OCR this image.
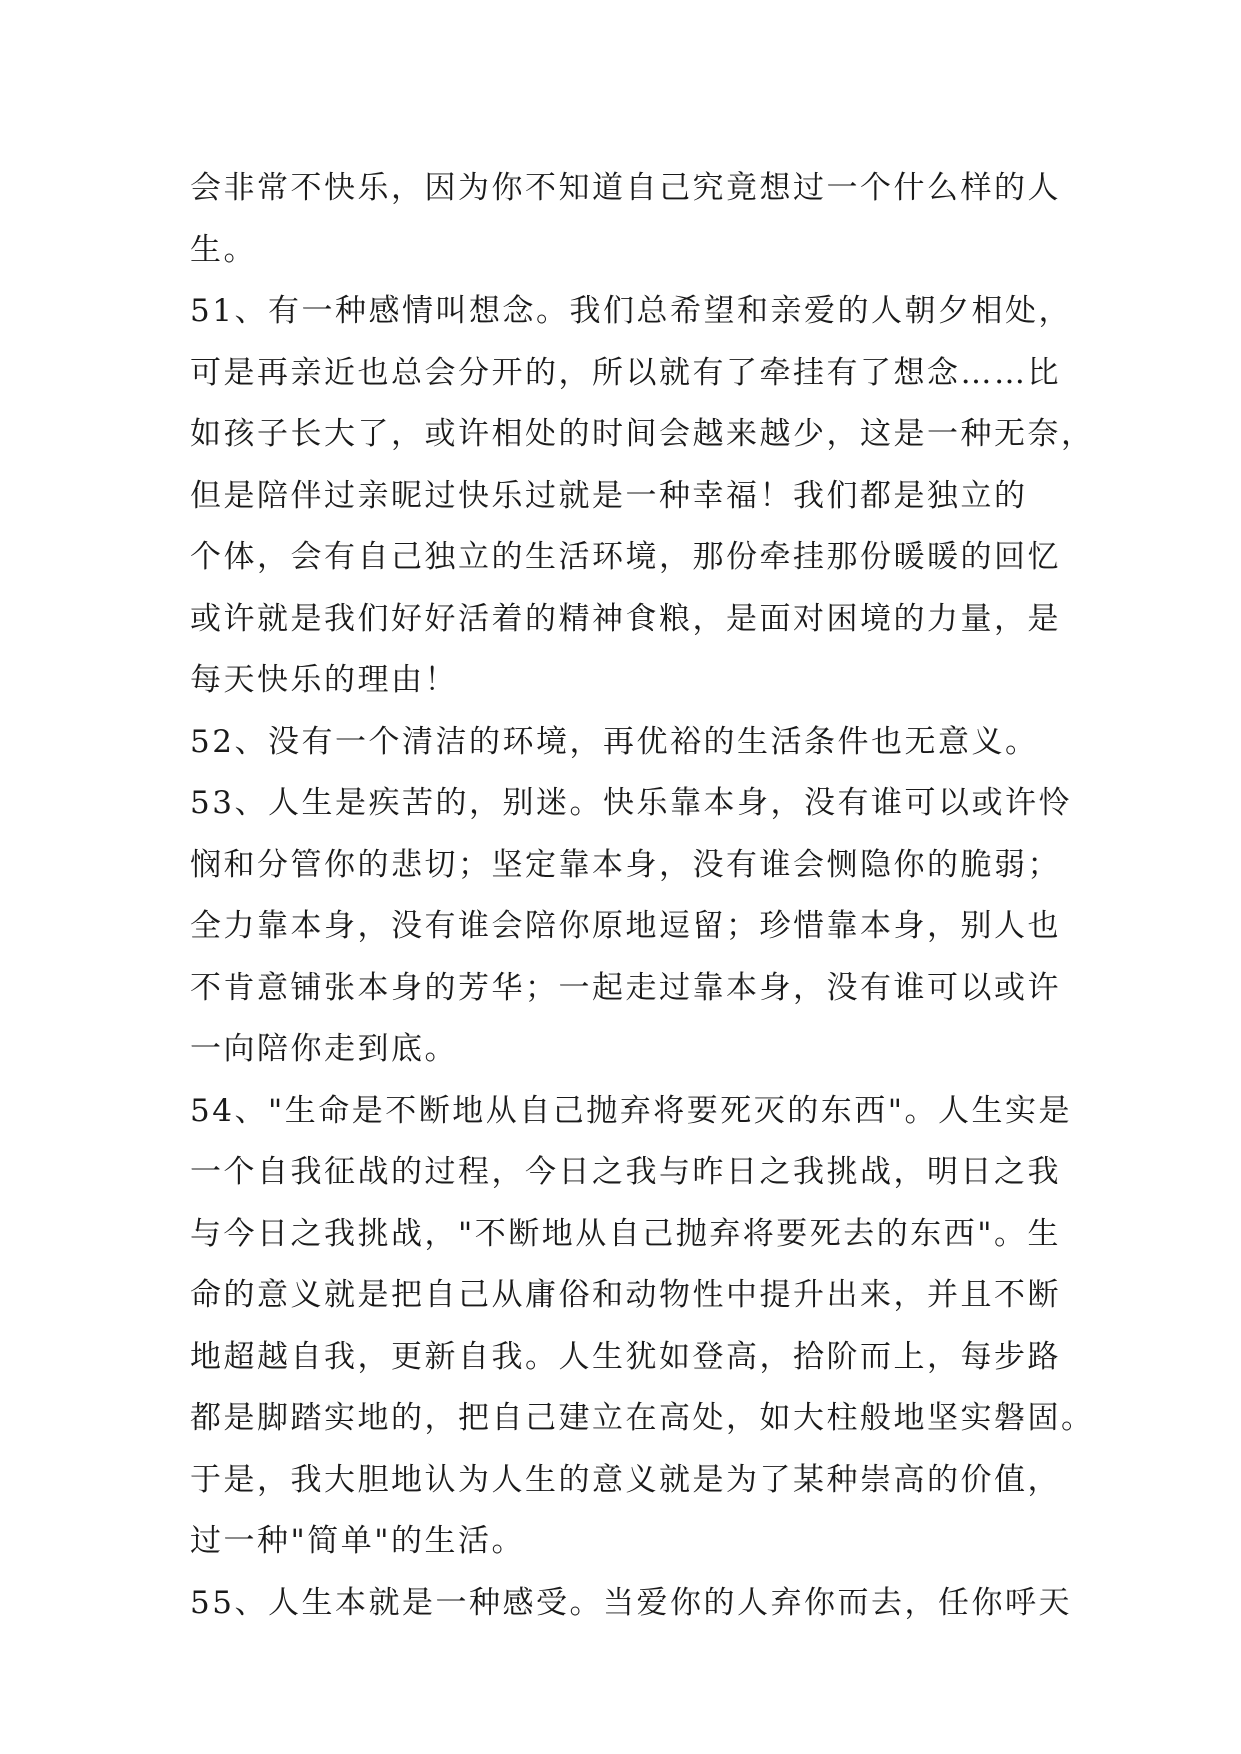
会非常不快乐，因为你不知道自己究竟想过一个什么样的人
生。
51、有一种感情叫想念。我们总希望和亲爱的人朝夕相处，
可是再亲近也总会分开的，所以就有了牵挂有了想念……比
如孩子长大了，或许相处的时间会越来越少，这是一种无奈，
但是陪伴过亲昵过快乐过就是一种幸福！我们都是独立的
个体，会有自己独立的生活环境，那份牵挂那份暖暖的回忆
或许就是我们好好活着的精神食粮，是面对困境的力量，是
每天快乐的理由！
52、没有一个清洁的环境，再优裕的生活条件也无意义。
53、人生是疾苦的，别迷。快乐靠本身，没有谁可以或许怜
悯和分管你的悲切；坚定靠本身，没有谁会恻隐你的脆弱；
全力靠本身，没有谁会陪你原地逗留；珍惜靠本身，别人也
不肯意铺张本身的芳华；一起走过靠本身，没有谁可以或许
一向陪你走到底。
54、"生命是不断地从自己抛弃将要死灭的东西"。人生实是
一个自我征战的过程，今日之我与昨日之我挑战，明日之我
与今日之我挑战，"不断地从自己抛弃将要死去的东西"。生
命的意义就是把自己从庸俗和动物性中提升出来，并且不断
地超越自我，更新自我。人生犹如登高，拾阶而上，每步路
都是脚踏实地的，把自己建立在高处，如大柱般地坚实磐固。
于是，我大胆地认为人生的意义就是为了某种崇高的价值，
过一种"简单"的生活。
55、人生本就是一种感受。当爱你的人弃你而去，任你呼天
